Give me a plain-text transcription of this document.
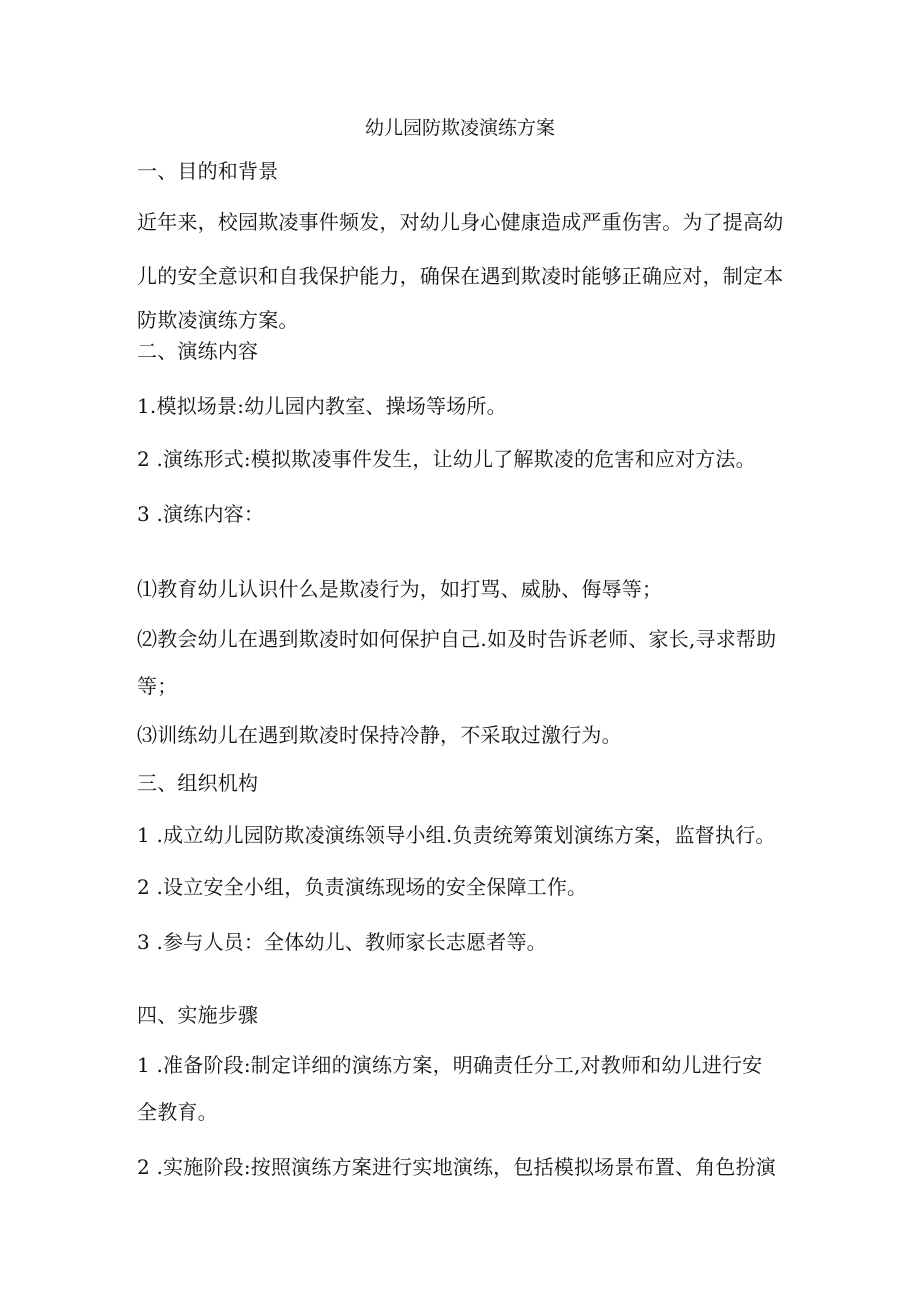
幼儿园防欺凌演练方案
一、目的和背景
近年来，校园欺凌事件频发，对幼儿身心健康造成严重伤害。为了提高幼
儿的安全意识和自我保护能力，确保在遇到欺凌时能够正确应对，制定本
防欺凌演练方案。
二、演练内容
1.模拟场景:幼儿园内教室、操场等场所。
2 .演练形式:模拟欺凌事件发生，让幼儿了解欺凌的危害和应对方法。
3 .演练内容：
⑴教育幼儿认识什么是欺凌行为，如打骂、威胁、侮辱等；
⑵教会幼儿在遇到欺凌时如何保护自己.如及时告诉老师、家长,寻求帮助
等；
⑶训练幼儿在遇到欺凌时保持冷静，不采取过激行为。
三、组织机构
1 .成立幼儿园防欺凌演练领导小组.负责统筹策划演练方案，监督执行。
2 .设立安全小组，负责演练现场的安全保障工作。
3 .参与人员：全体幼儿、教师家长志愿者等。
四、实施步骤
1 .准备阶段:制定详细的演练方案，明确责任分工,对教师和幼儿进行安
全教育。
2 .实施阶段:按照演练方案进行实地演练，包括模拟场景布置、角色扮演
